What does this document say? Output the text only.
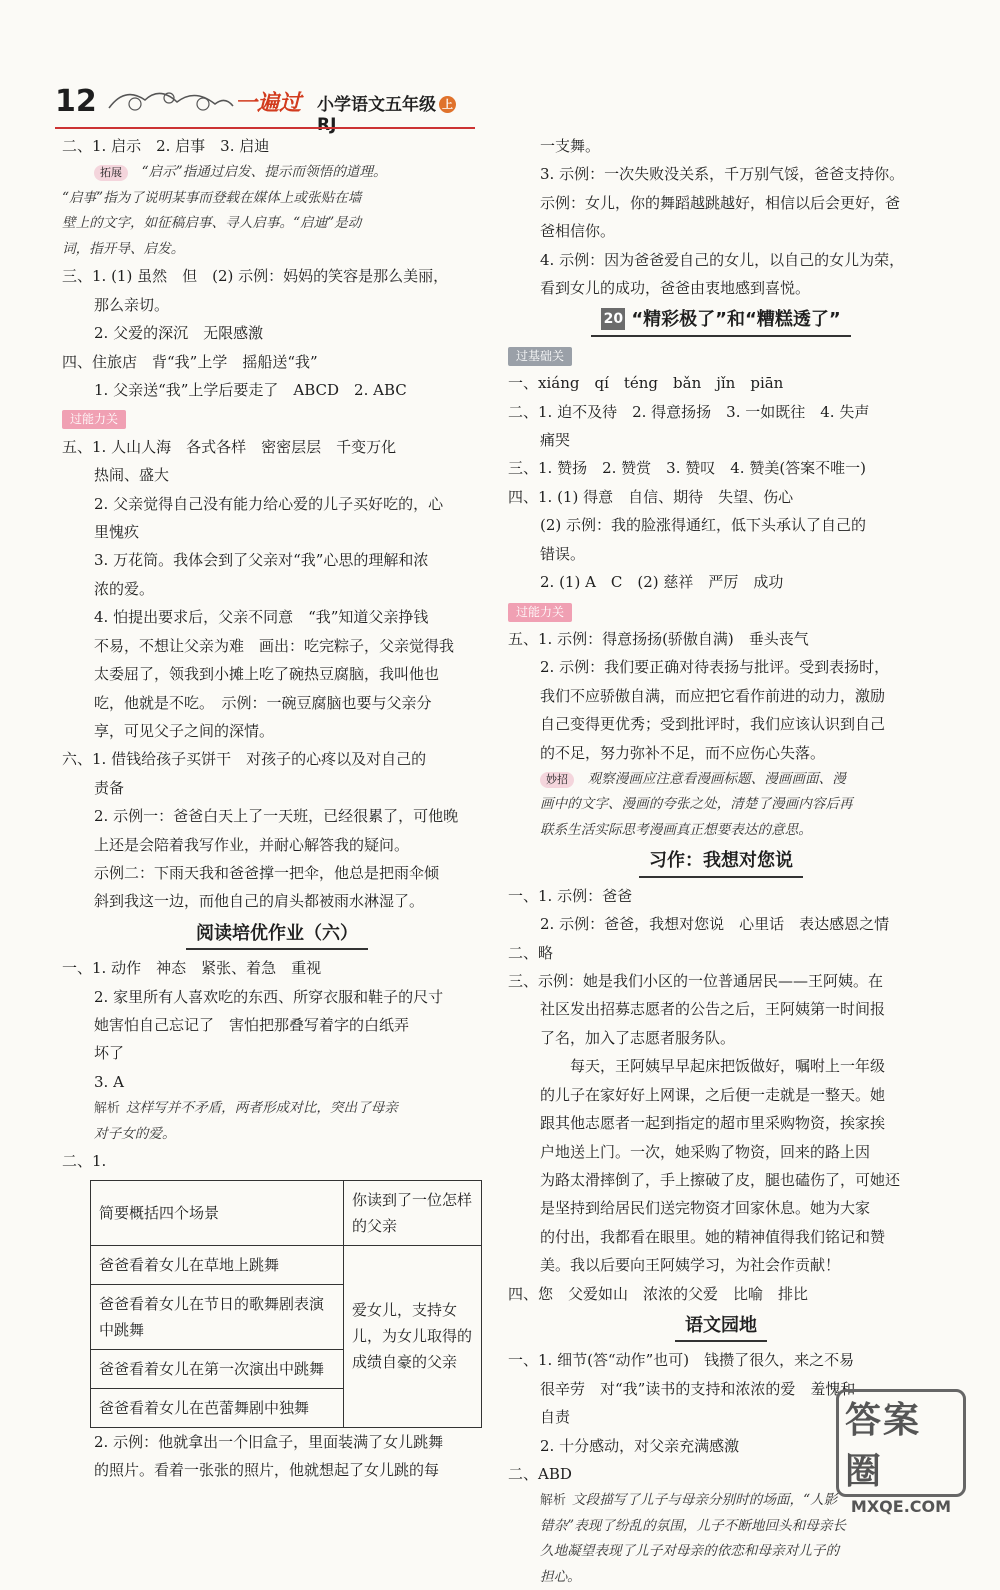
12	一遍过 小学语文五年级 上RJ

二、1. 启示　2. 启事　3. 启迪

拓展　 “启示”指通过启发、提示而领悟的道理。

“启事”指为了说明某事而登载在媒体上或张贴在墙

壁上的文字，如征稿启事、寻人启事。“启迪”是动

词，指开导、启发。

三、1. (1) 虽然　但　(2) 示例：妈妈的笑容是那么美丽，

那么亲切。

2. 父爱的深沉　无限感激

四、住旅店　背“我”上学　摇船送“我”

1. 父亲送“我”上学后要走了　ABCD　2. ABC

过能力关

五、1. 人山人海　各式各样　密密层层　千变万化

热闹、盛大

2. 父亲觉得自己没有能力给心爱的儿子买好吃的，心

里愧疚

3. 万花筒。我体会到了父亲对“我”心思的理解和浓

浓的爱。

4. 怕提出要求后，父亲不同意　“我”知道父亲挣钱

不易，不想让父亲为难　画出：吃完粽子，父亲觉得我

太委屈了，领我到小摊上吃了碗热豆腐脑，我叫他也

吃，他就是不吃。　示例：一碗豆腐脑也要与父亲分

享，可见父子之间的深情。

六、1. 借钱给孩子买饼干　对孩子的心疼以及对自己的

责备

2. 示例一：爸爸白天上了一天班，已经很累了，可他晚

上还是会陪着我写作业，并耐心解答我的疑问。

示例二：下雨天我和爸爸撑一把伞，他总是把雨伞倾

斜到我这一边，而他自己的肩头都被雨水淋湿了。

阅读培优作业（六）

一、1. 动作　神态　紧张、着急　重视

2. 家里所有人喜欢吃的东西、所穿衣服和鞋子的尺寸

她害怕自己忘记了　害怕把那叠写着字的白纸弄

坏了

3. A

解析 这样写并不矛盾，两者形成对比，突出了母亲

对子女的爱。

二、1.

简要概括四个场景	你读到了一位怎样的父亲
爸爸看着女儿在草地上跳舞	爱女儿，支持女儿，为女儿取得的成绩自豪的父亲
爸爸看着女儿在节日的歌舞剧表演中跳舞	
爸爸看着女儿在第一次演出中跳舞	
爸爸看着女儿在芭蕾舞剧中独舞	

2. 示例：他就拿出一个旧盒子，里面装满了女儿跳舞

的照片。看着一张张的照片，他就想起了女儿跳的每

一支舞。

3. 示例：一次失败没关系，千万别气馁，爸爸支持你。

示例：女儿，你的舞蹈越跳越好，相信以后会更好，爸

爸相信你。

4. 示例：因为爸爸爱自己的女儿，以自己的女儿为荣，

看到女儿的成功，爸爸由衷地感到喜悦。

20 “精彩极了”和“糟糕透了”
过基础关

一、xiáng　qí　téng　bǎn　jǐn　piān

二、1. 迫不及待　2. 得意扬扬　3. 一如既往　4. 失声

痛哭

三、1. 赞扬　2. 赞赏　3. 赞叹　4. 赞美(答案不唯一)

四、1. (1) 得意　自信、期待　失望、伤心

(2) 示例：我的脸涨得通红，低下头承认了自己的

错误。

2. (1) A　C　(2) 慈祥　严厉　成功

过能力关

五、1. 示例：得意扬扬(骄傲自满)　垂头丧气

2. 示例：我们要正确对待表扬与批评。受到表扬时，

我们不应骄傲自满，而应把它看作前进的动力，激励

自己变得更优秀；受到批评时，我们应该认识到自己

的不足，努力弥补不足，而不应伤心失落。

妙招　 观察漫画应注意看漫画标题、漫画画面、漫

画中的文字、漫画的夸张之处，清楚了漫画内容后再

联系生活实际思考漫画真正想要表达的意思。

习作：我想对您说

一、1. 示例：爸爸

2. 示例：爸爸，我想对您说　心里话　表达感恩之情

二、略

三、示例：她是我们小区的一位普通居民——王阿姨。在

社区发出招募志愿者的公告之后，王阿姨第一时间报

了名，加入了志愿者服务队。

每天，王阿姨早早起床把饭做好，嘱咐上一年级

的儿子在家好好上网课，之后便一走就是一整天。她

跟其他志愿者一起到指定的超市里采购物资，挨家挨

户地送上门。一次，她采购了物资，回来的路上因

为路太滑摔倒了，手上擦破了皮，腿也磕伤了，可她还

是坚持到给居民们送完物资才回家休息。她为大家

的付出，我都看在眼里。她的精神值得我们铭记和赞

美。我以后要向王阿姨学习，为社会作贡献！

四、您　父爱如山　浓浓的父爱　比喻　排比

语文园地

一、1. 细节(答“动作”也可)　钱攒了很久，来之不易

很辛劳　对“我”读书的支持和浓浓的爱　羞愧和

自责

2. 十分感动，对父亲充满感激

二、ABD

解析 文段描写了儿子与母亲分别时的场面，“人影

错杂”表现了纷乱的氛围，儿子不断地回头和母亲长

久地凝望表现了儿子对母亲的依恋和母亲对儿子的

担心。

答案圈
MXQE.COM
